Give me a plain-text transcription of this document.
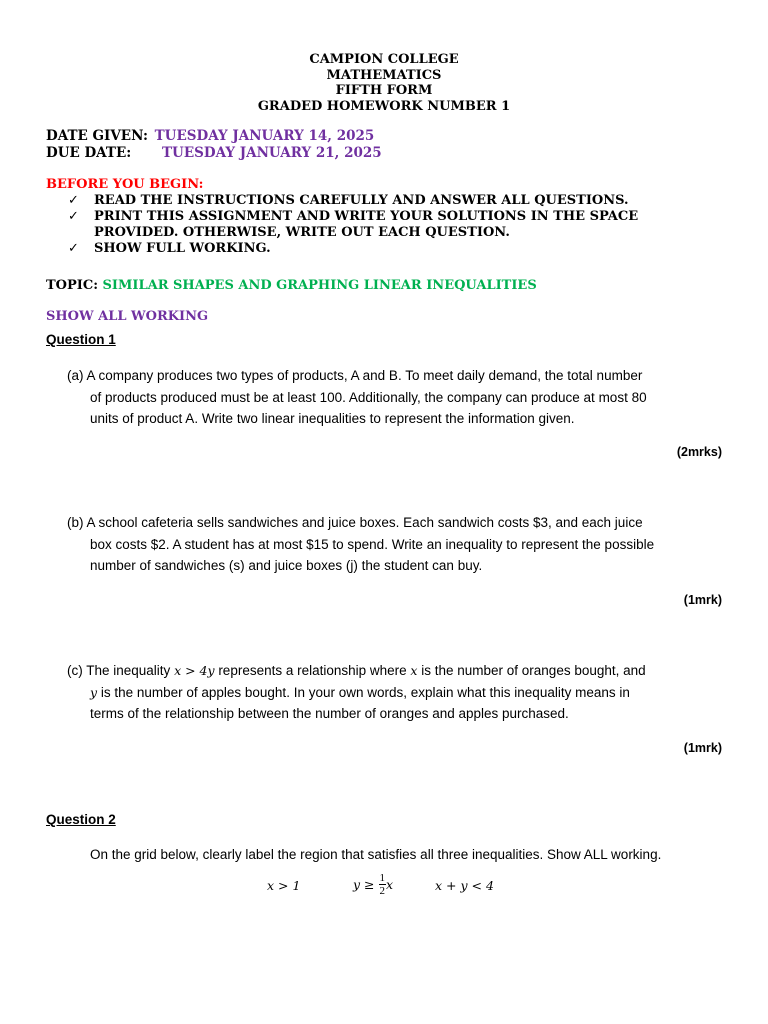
CAMPION COLLEGE
MATHEMATICS
FIFTH FORM
GRADED HOMEWORK NUMBER 1
DATE GIVEN: TUESDAY JANUARY 14, 2025
DUE DATE: TUESDAY JANUARY 21, 2025
BEFORE YOU BEGIN:
✓ READ THE INSTRUCTIONS CAREFULLY AND ANSWER ALL QUESTIONS.
✓ PRINT THIS ASSIGNMENT AND WRITE YOUR SOLUTIONS IN THE SPACE
PROVIDED. OTHERWISE, WRITE OUT EACH QUESTION.
✓ SHOW FULL WORKING.
TOPIC: SIMILAR SHAPES AND GRAPHING LINEAR INEQUALITIES
SHOW ALL WORKING
Question 1
(a) A company produces two types of products, A and B. To meet daily demand, the total number
of products produced must be at least 100. Additionally, the company can produce at most 80
units of product A. Write two linear inequalities to represent the information given.
(2mrks)
(b) A school cafeteria sells sandwiches and juice boxes. Each sandwich costs $3, and each juice
box costs $2. A student has at most $15 to spend. Write an inequality to represent the possible
number of sandwiches (s) and juice boxes (j) the student can buy.
(1mrk)
(c) The inequality x > 4y represents a relationship where x is the number of oranges bought, and
y is the number of apples bought. In your own words, explain what this inequality means in
terms of the relationship between the number of oranges and apples purchased.
(1mrk)
Question 2
On the grid below, clearly label the region that satisfies all three inequalities. Show ALL working.
x > 1	$y \ge \frac{1}{2}$ x	x + y < 4
